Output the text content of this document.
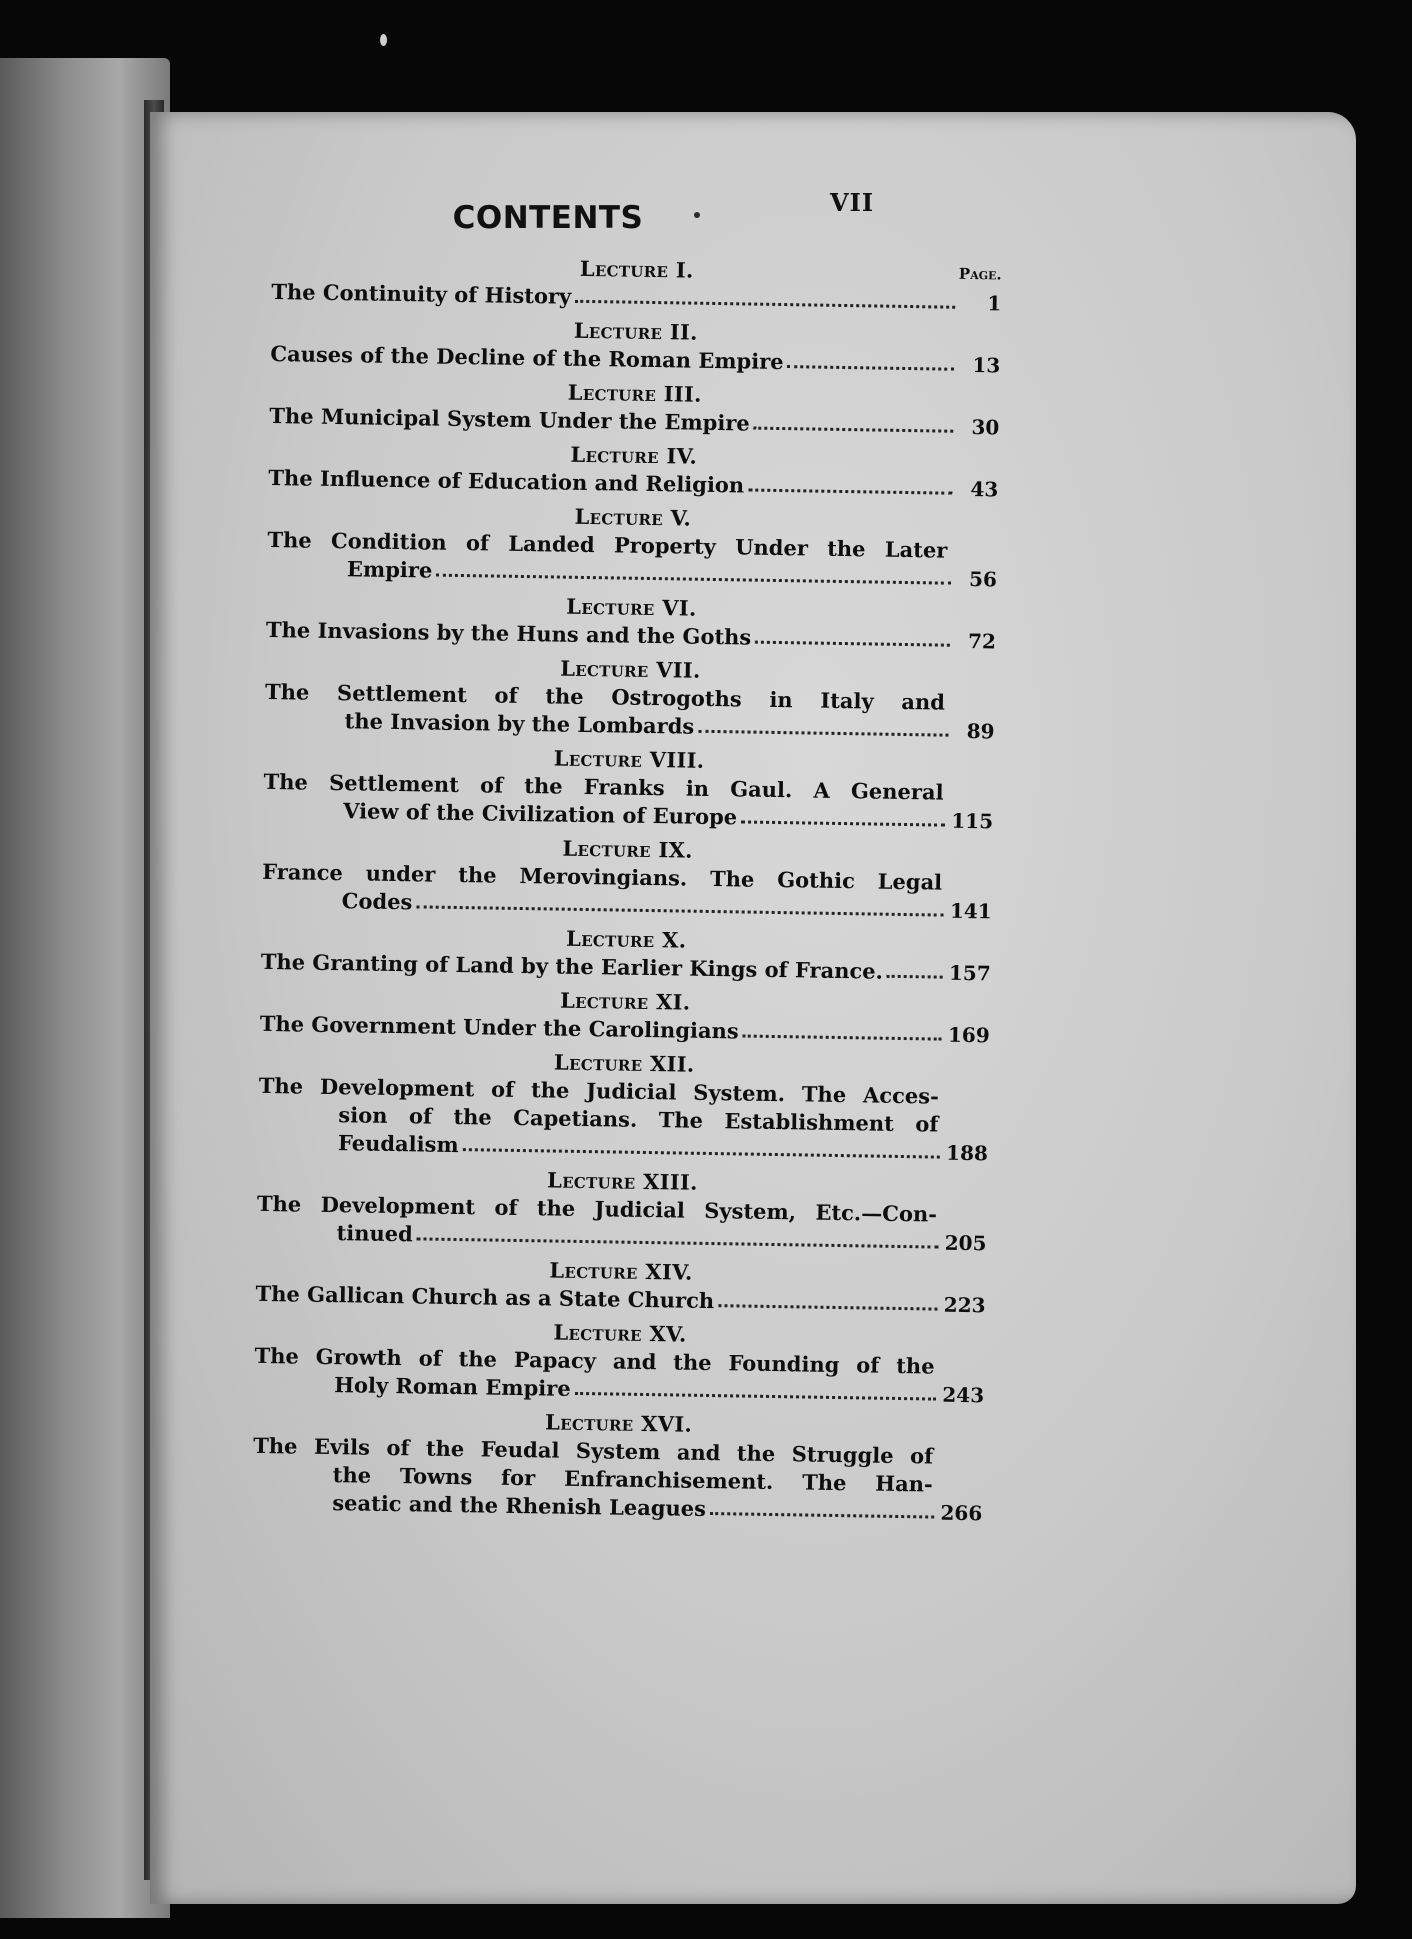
VII
CONTENTS
Lecture I.	Page.
The Continuity of History	1
Lecture II.
Causes of the Decline of the Roman Empire	13
Lecture III.
The Municipal System Under the Empire	30
Lecture IV.
The Influence of Education and Religion	43
Lecture V.
The Condition of Landed Property Under the Later
Empire	56
Lecture VI.
The Invasions by the Huns and the Goths	72
Lecture VII.
The Settlement of the Ostrogoths in Italy and
the Invasion by the Lombards	89
Lecture VIII.
The Settlement of the Franks in Gaul. A General
View of the Civilization of Europe	115
Lecture IX.
France under the Merovingians. The Gothic Legal
Codes	141
Lecture X.
The Granting of Land by the Earlier Kings of France.	157
Lecture XI.
The Government Under the Carolingians	169
Lecture XII.
The Development of the Judicial System. The Acces-
sion of the Capetians. The Establishment of
Feudalism	188
Lecture XIII.
The Development of the Judicial System, Etc.—Con-
tinued	205
Lecture XIV.
The Gallican Church as a State Church	223
Lecture XV.
The Growth of the Papacy and the Founding of the
Holy Roman Empire	243
Lecture XVI.
The Evils of the Feudal System and the Struggle of
the Towns for Enfranchisement. The Han-
seatic and the Rhenish Leagues	266
